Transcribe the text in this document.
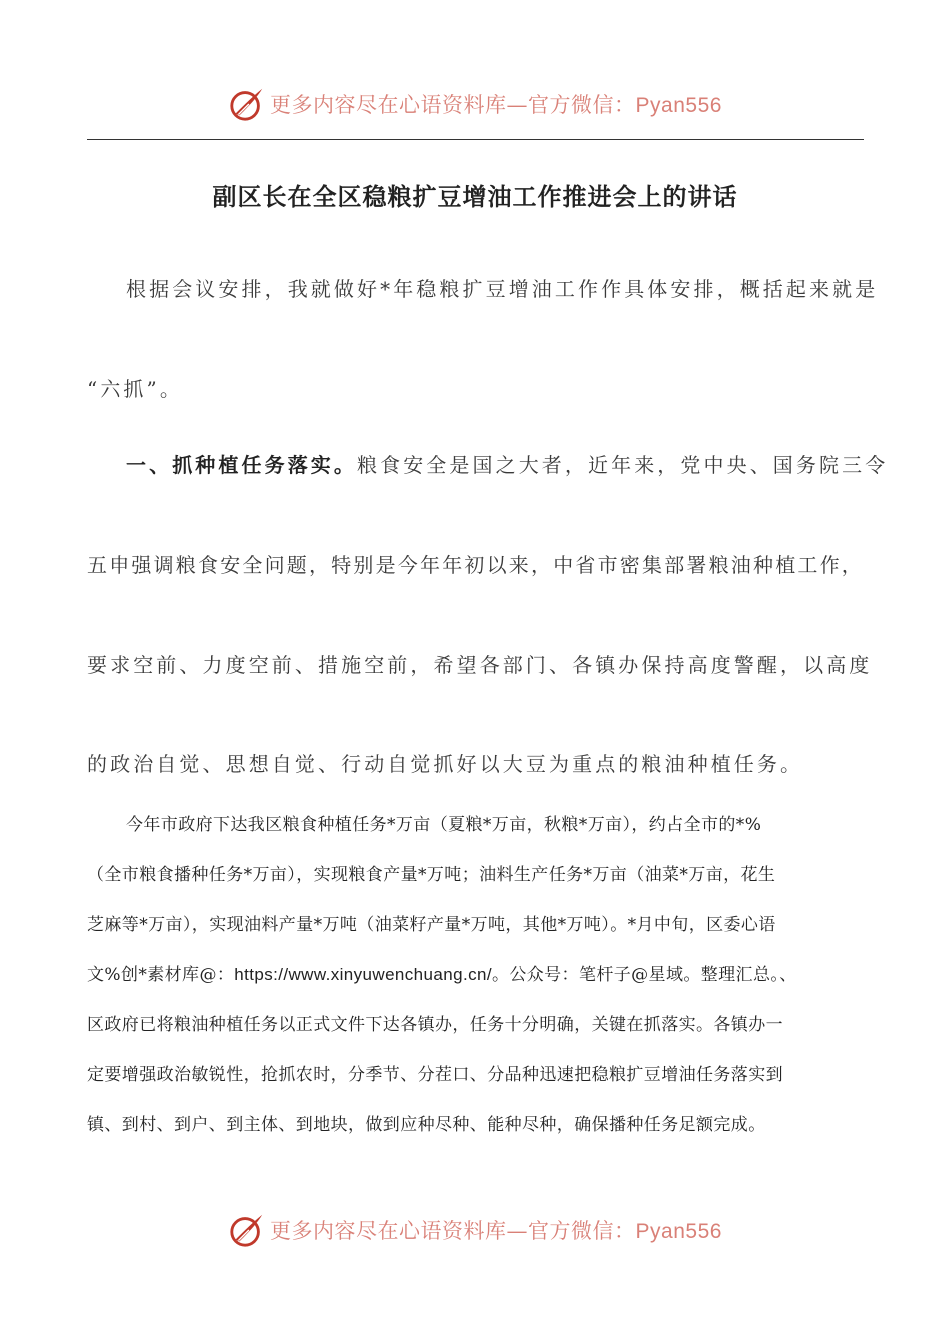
更多内容尽在心语资料库—官方微信：Pyan556
副区长在全区稳粮扩豆增油工作推进会上的讲话
根据会议安排，我就做好*年稳粮扩豆增油工作作具体安排，概括起来就是
“六抓”。
一、抓种植任务落实。粮食安全是国之大者，近年来，党中央、国务院三令
五申强调粮食安全问题，特别是今年年初以来，中省市密集部署粮油种植工作，
要求空前、力度空前、措施空前，希望各部门、各镇办保持高度警醒，以高度
的政治自觉、思想自觉、行动自觉抓好以大豆为重点的粮油种植任务。
今年市政府下达我区粮食种植任务*万亩（夏粮*万亩，秋粮*万亩），约占全市的*%
（全市粮食播种任务*万亩），实现粮食产量*万吨；油料生产任务*万亩（油菜*万亩，花生
芝麻等*万亩），实现油料产量*万吨（油菜籽产量*万吨，其他*万吨）。*月中旬，区委心语
文%创*素材库@：https://www.xinyuwenchuang.cn/。公众号：笔杆子@星域。整理汇总。、
区政府已将粮油种植任务以正式文件下达各镇办，任务十分明确，关键在抓落实。各镇办一
定要增强政治敏锐性，抢抓农时，分季节、分茬口、分品种迅速把稳粮扩豆增油任务落实到
镇、到村、到户、到主体、到地块，做到应种尽种、能种尽种，确保播种任务足额完成。
更多内容尽在心语资料库—官方微信：Pyan556
